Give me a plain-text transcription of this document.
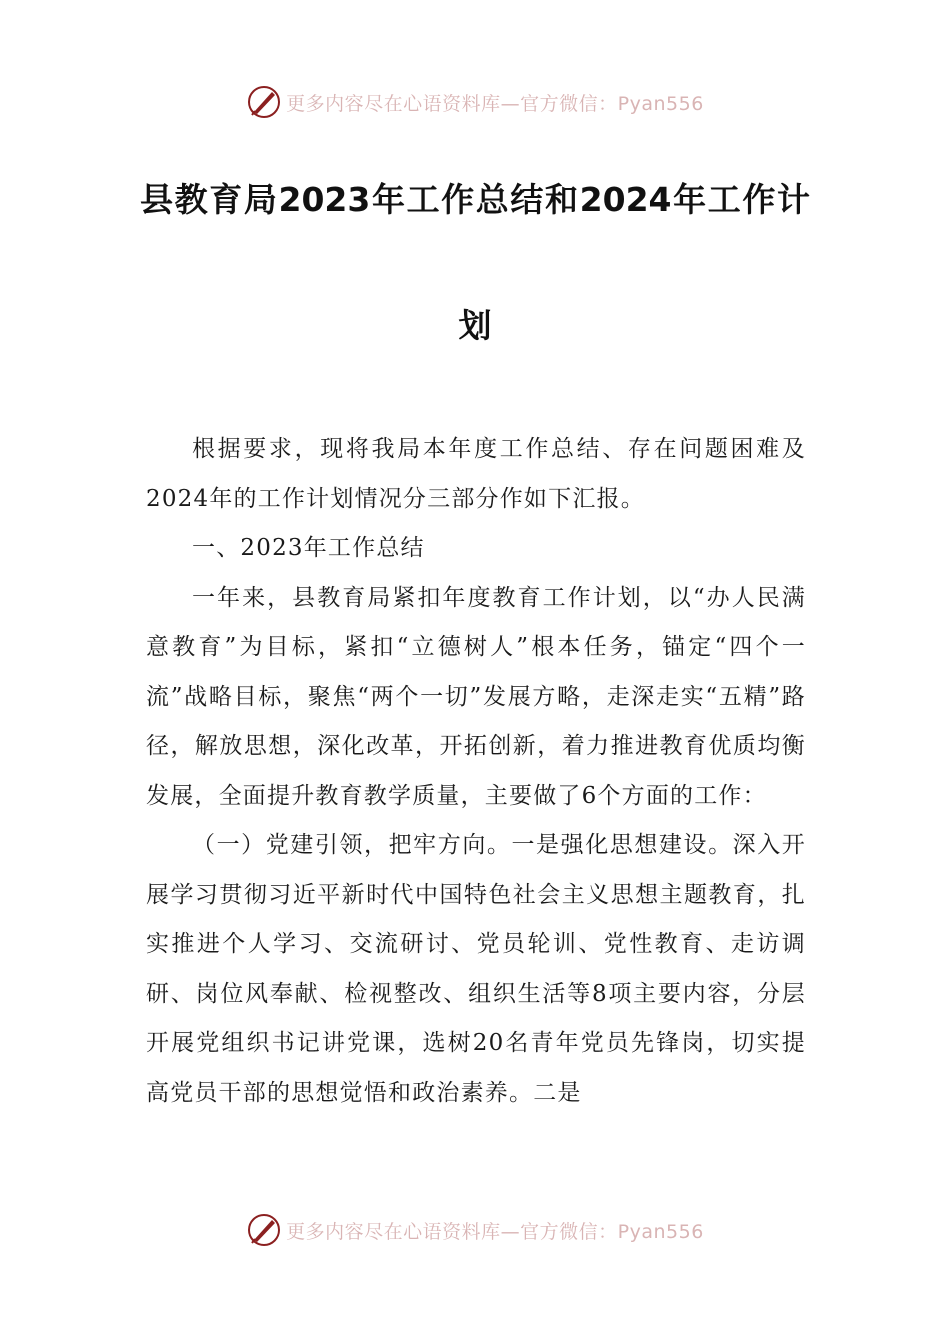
更多内容尽在心语资料库—官方微信：Pyan556
县教育局2023年工作总结和2024年工作计
划

根据要求，现将我局本年度工作总结、存在问题困难及2024年的工作计划情况分三部分作如下汇报。

一、2023年工作总结

一年来，县教育局紧扣年度教育工作计划，以“办人民满意教育”为目标，紧扣“立德树人”根本任务，锚定“四个一流”战略目标，聚焦“两个一切”发展方略，走深走实“五精”路径，解放思想，深化改革，开拓创新，着力推进教育优质均衡发展，全面提升教育教学质量，主要做了6个方面的工作：

（一）党建引领，把牢方向。一是强化思想建设。深入开展学习贯彻习近平新时代中国特色社会主义思想主题教育，扎实推进个人学习、交流研讨、党员轮训、党性教育、走访调研、岗位风奉献、检视整改、组织生活等8项主要内容，分层开展党组织书记讲党课，选树20名青年党员先锋岗，切实提高党员干部的思想觉悟和政治素养。二是

更多内容尽在心语资料库—官方微信：Pyan556
